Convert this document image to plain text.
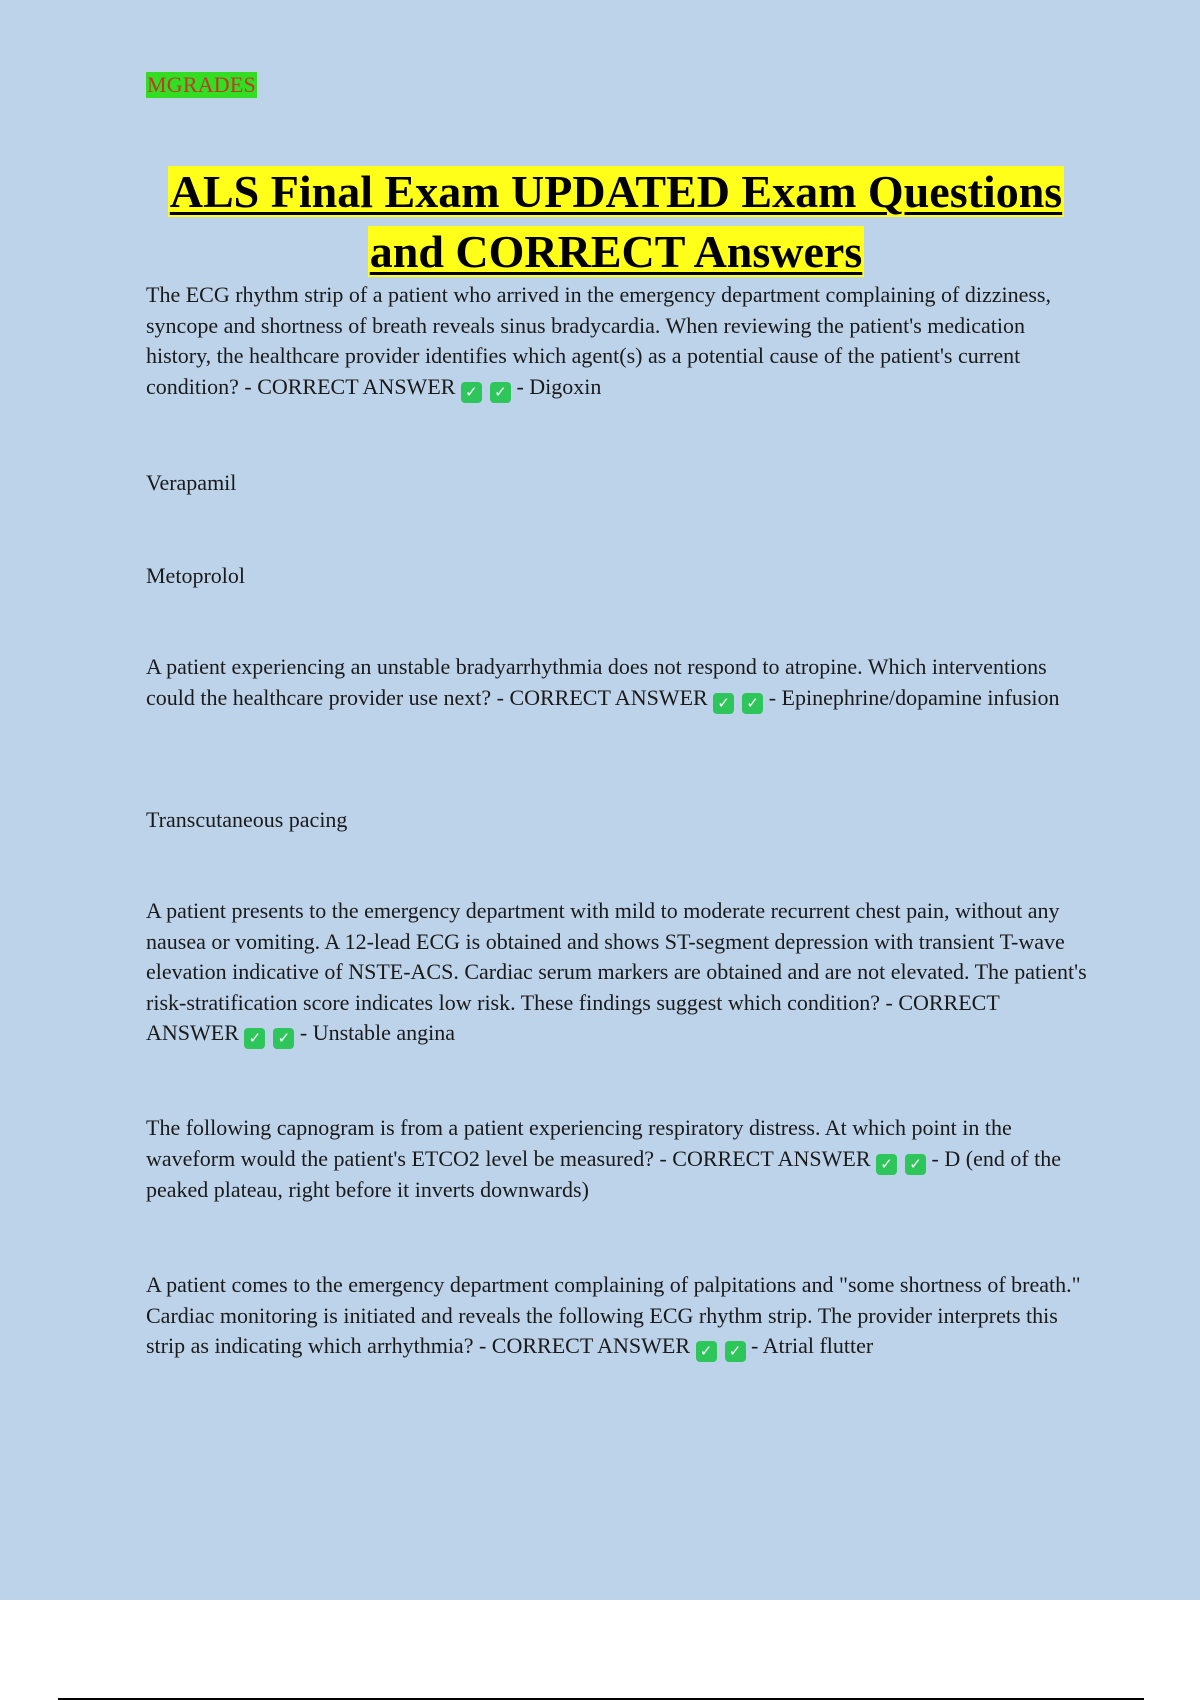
MGRADES
ALS Final Exam UPDATED Exam Questions
and CORRECT Answers

The ECG rhythm strip of a patient who arrived in the emergency department complaining of dizziness, syncope and shortness of breath reveals sinus bradycardia. When reviewing the patient's medication history, the healthcare provider identifies which agent(s) as a potential cause of the patient's current condition? - CORRECT ANSWER ✓ ✓ - Digoxin

Verapamil

Metoprolol

A patient experiencing an unstable bradyarrhythmia does not respond to atropine. Which interventions could the healthcare provider use next? - CORRECT ANSWER ✓ ✓ - Epinephrine/dopamine infusion

Transcutaneous pacing

A patient presents to the emergency department with mild to moderate recurrent chest pain, without any nausea or vomiting. A 12-lead ECG is obtained and shows ST-segment depression with transient T-wave elevation indicative of NSTE-ACS. Cardiac serum markers are obtained and are not elevated. The patient's risk-stratification score indicates low risk. These findings suggest which condition? - CORRECT ANSWER ✓ ✓ - Unstable angina

The following capnogram is from a patient experiencing respiratory distress. At which point in the waveform would the patient's ETCO2 level be measured? - CORRECT ANSWER ✓ ✓ - D (end of the peaked plateau, right before it inverts downwards)

A patient comes to the emergency department complaining of palpitations and "some shortness of breath." Cardiac monitoring is initiated and reveals the following ECG rhythm strip. The provider interprets this strip as indicating which arrhythmia? - CORRECT ANSWER ✓ ✓ - Atrial flutter
